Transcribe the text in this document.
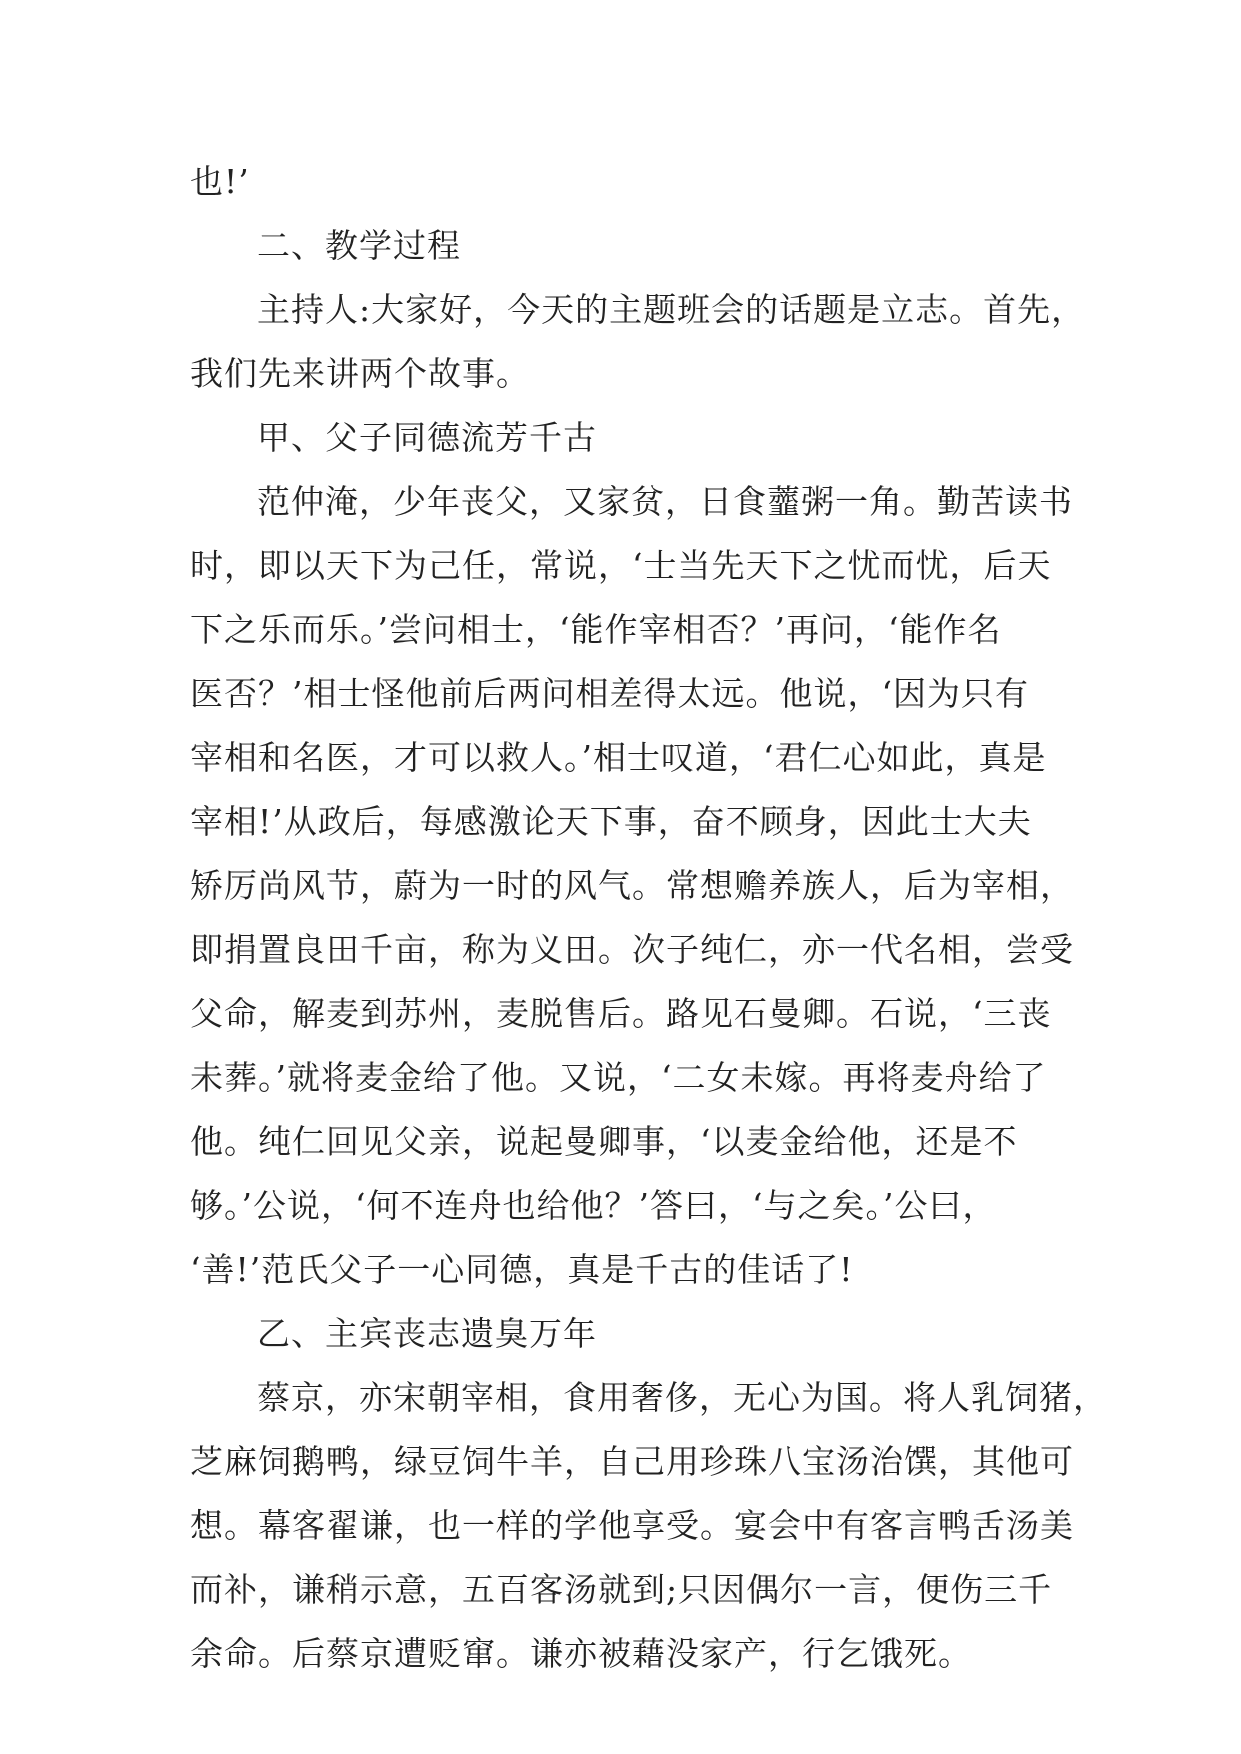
也!’
二、教学过程
主持人:大家好，今天的主题班会的话题是立志。首先，
我们先来讲两个故事。
甲、父子同德流芳千古
范仲淹，少年丧父，又家贫，日食虀粥一角。勤苦读书
时，即以天下为己任，常说，‘士当先天下之忧而忧，后天
下之乐而乐。’尝问相士，‘能作宰相否？’再问，‘能作名
医否？’相士怪他前后两问相差得太远。他说，‘因为只有
宰相和名医，才可以救人。’相士叹道，‘君仁心如此，真是
宰相!’从政后，每感激论天下事，奋不顾身，因此士大夫
矫厉尚风节，蔚为一时的风气。常想赡养族人，后为宰相，
即捐置良田千亩，称为义田。次子纯仁，亦一代名相，尝受
父命，解麦到苏州，麦脱售后。路见石曼卿。石说，‘三丧
未葬。’就将麦金给了他。又说，‘二女未嫁。再将麦舟给了
他。纯仁回见父亲，说起曼卿事，‘以麦金给他，还是不
够。’公说，‘何不连舟也给他？’答曰，‘与之矣。’公曰，
‘善!’范氏父子一心同德，真是千古的佳话了!
乙、主宾丧志遗臭万年
蔡京，亦宋朝宰相，食用奢侈，无心为国。将人乳饲猪，
芝麻饲鹅鸭，绿豆饲牛羊，自己用珍珠八宝汤治馔，其他可
想。幕客翟谦，也一样的学他享受。宴会中有客言鸭舌汤美
而补，谦稍示意，五百客汤就到;只因偶尔一言，便伤三千
余命。后蔡京遭贬窜。谦亦被藉没家产，行乞饿死。
